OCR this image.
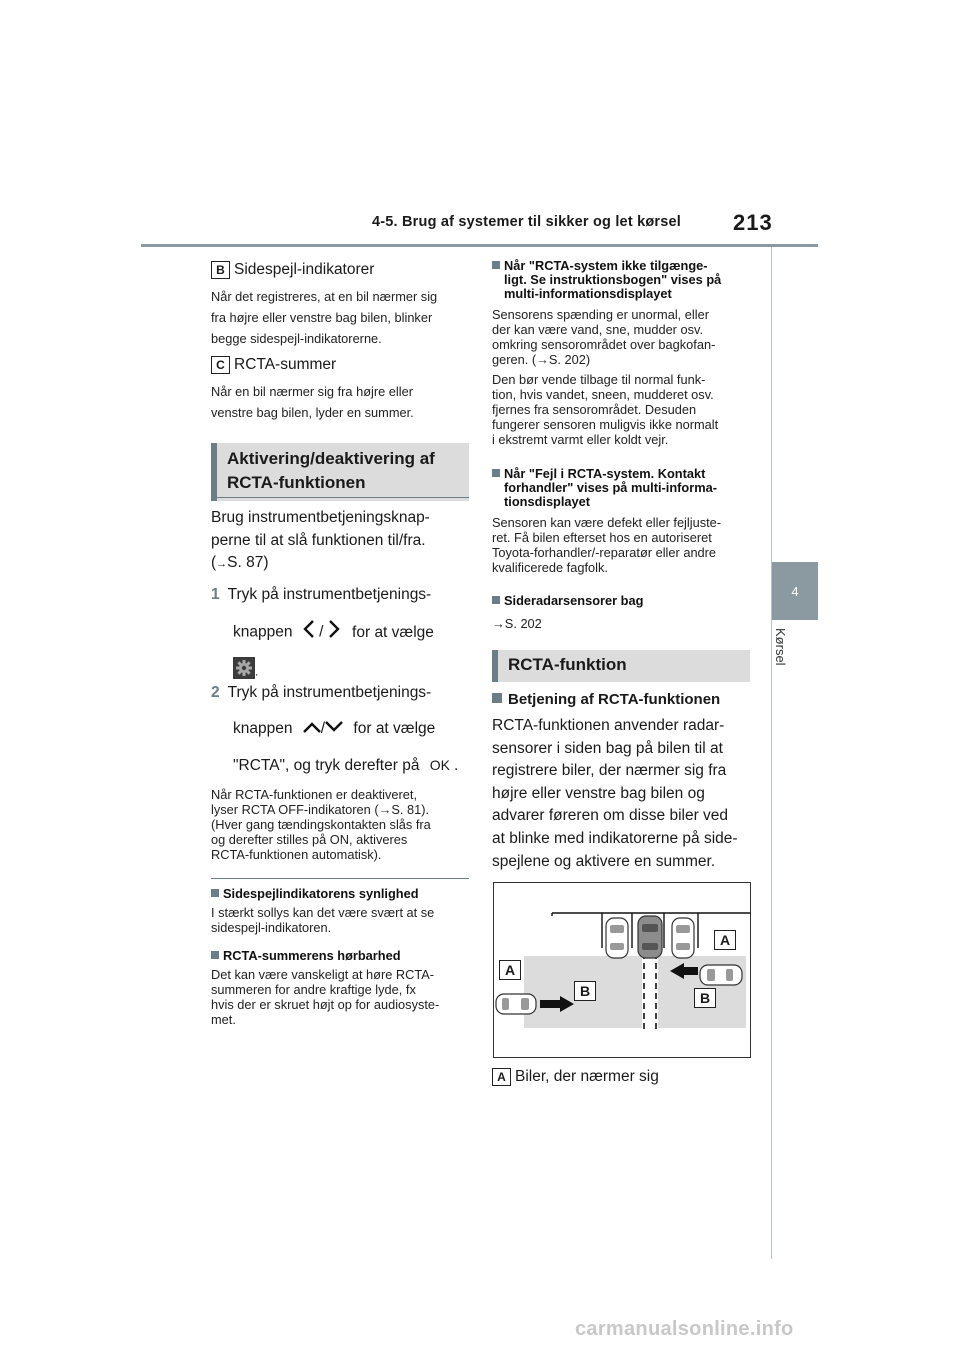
4-5. Brug af systemer til sikker og let kørsel 213
4
Kørsel
B Sidespejl-indikatorer
Når det registreres, at en bil nærmer sig
fra højre eller venstre bag bilen, blinker
begge sidespejl-indikatorerne.
C RCTA-summer
Når en bil nærmer sig fra højre eller
venstre bag bilen, lyder en summer.
Aktivering/deaktivering af
RCTA-funktionen
Brug instrumentbetjeningsknap-
perne til at slå funktionen til/fra.
(→S. 87)
1 Tryk på instrumentbetjenings-
knappen / for at vælge
.
2 Tryk på instrumentbetjenings-
knappen / for at vælge
"RCTA", og tryk derefter på OK .
Når RCTA-funktionen er deaktiveret,
lyser RCTA OFF-indikatoren (→S. 81).
(Hver gang tændingskontakten slås fra
og derefter stilles på ON, aktiveres
RCTA-funktionen automatisk).
Sidespejlindikatorens synlighed
I stærkt sollys kan det være svært at se
sidespejl-indikatoren.
RCTA-summerens hørbarhed
Det kan være vanskeligt at høre RCTA-
summeren for andre kraftige lyde, fx
hvis der er skruet højt op for audiosyste-
met.
Når "RCTA-system ikke tilgænge-
ligt. Se instruktionsbogen" vises på
multi-informationsdisplayet
Sensorens spænding er unormal, eller
der kan være vand, sne, mudder osv.
omkring sensorområdet over bagkofan-
geren. (→S. 202)
Den bør vende tilbage til normal funk-
tion, hvis vandet, sneen, mudderet osv.
fjernes fra sensorområdet. Desuden
fungerer sensoren muligvis ikke normalt
i ekstremt varmt eller koldt vejr.
Når "Fejl i RCTA-system. Kontakt
forhandler" vises på multi-informa-
tionsdisplayet
Sensoren kan være defekt eller fejljuste-
ret. Få bilen efterset hos en autoriseret
Toyota-forhandler/-reparatør eller andre
kvalificerede fagfolk.
Sideradarsensorer bag
→S. 202
RCTA-funktion
Betjening af RCTA-funktionen
RCTA-funktionen anvender radar-
sensorer i siden bag på bilen til at
registrere biler, der nærmer sig fra
højre eller venstre bag bilen og
advarer føreren om disse biler ved
at blinke med indikatorerne på side-
spejlene og aktivere en summer.
A
A
B	B
A Biler, der nærmer sig
carmanualsonline.info
